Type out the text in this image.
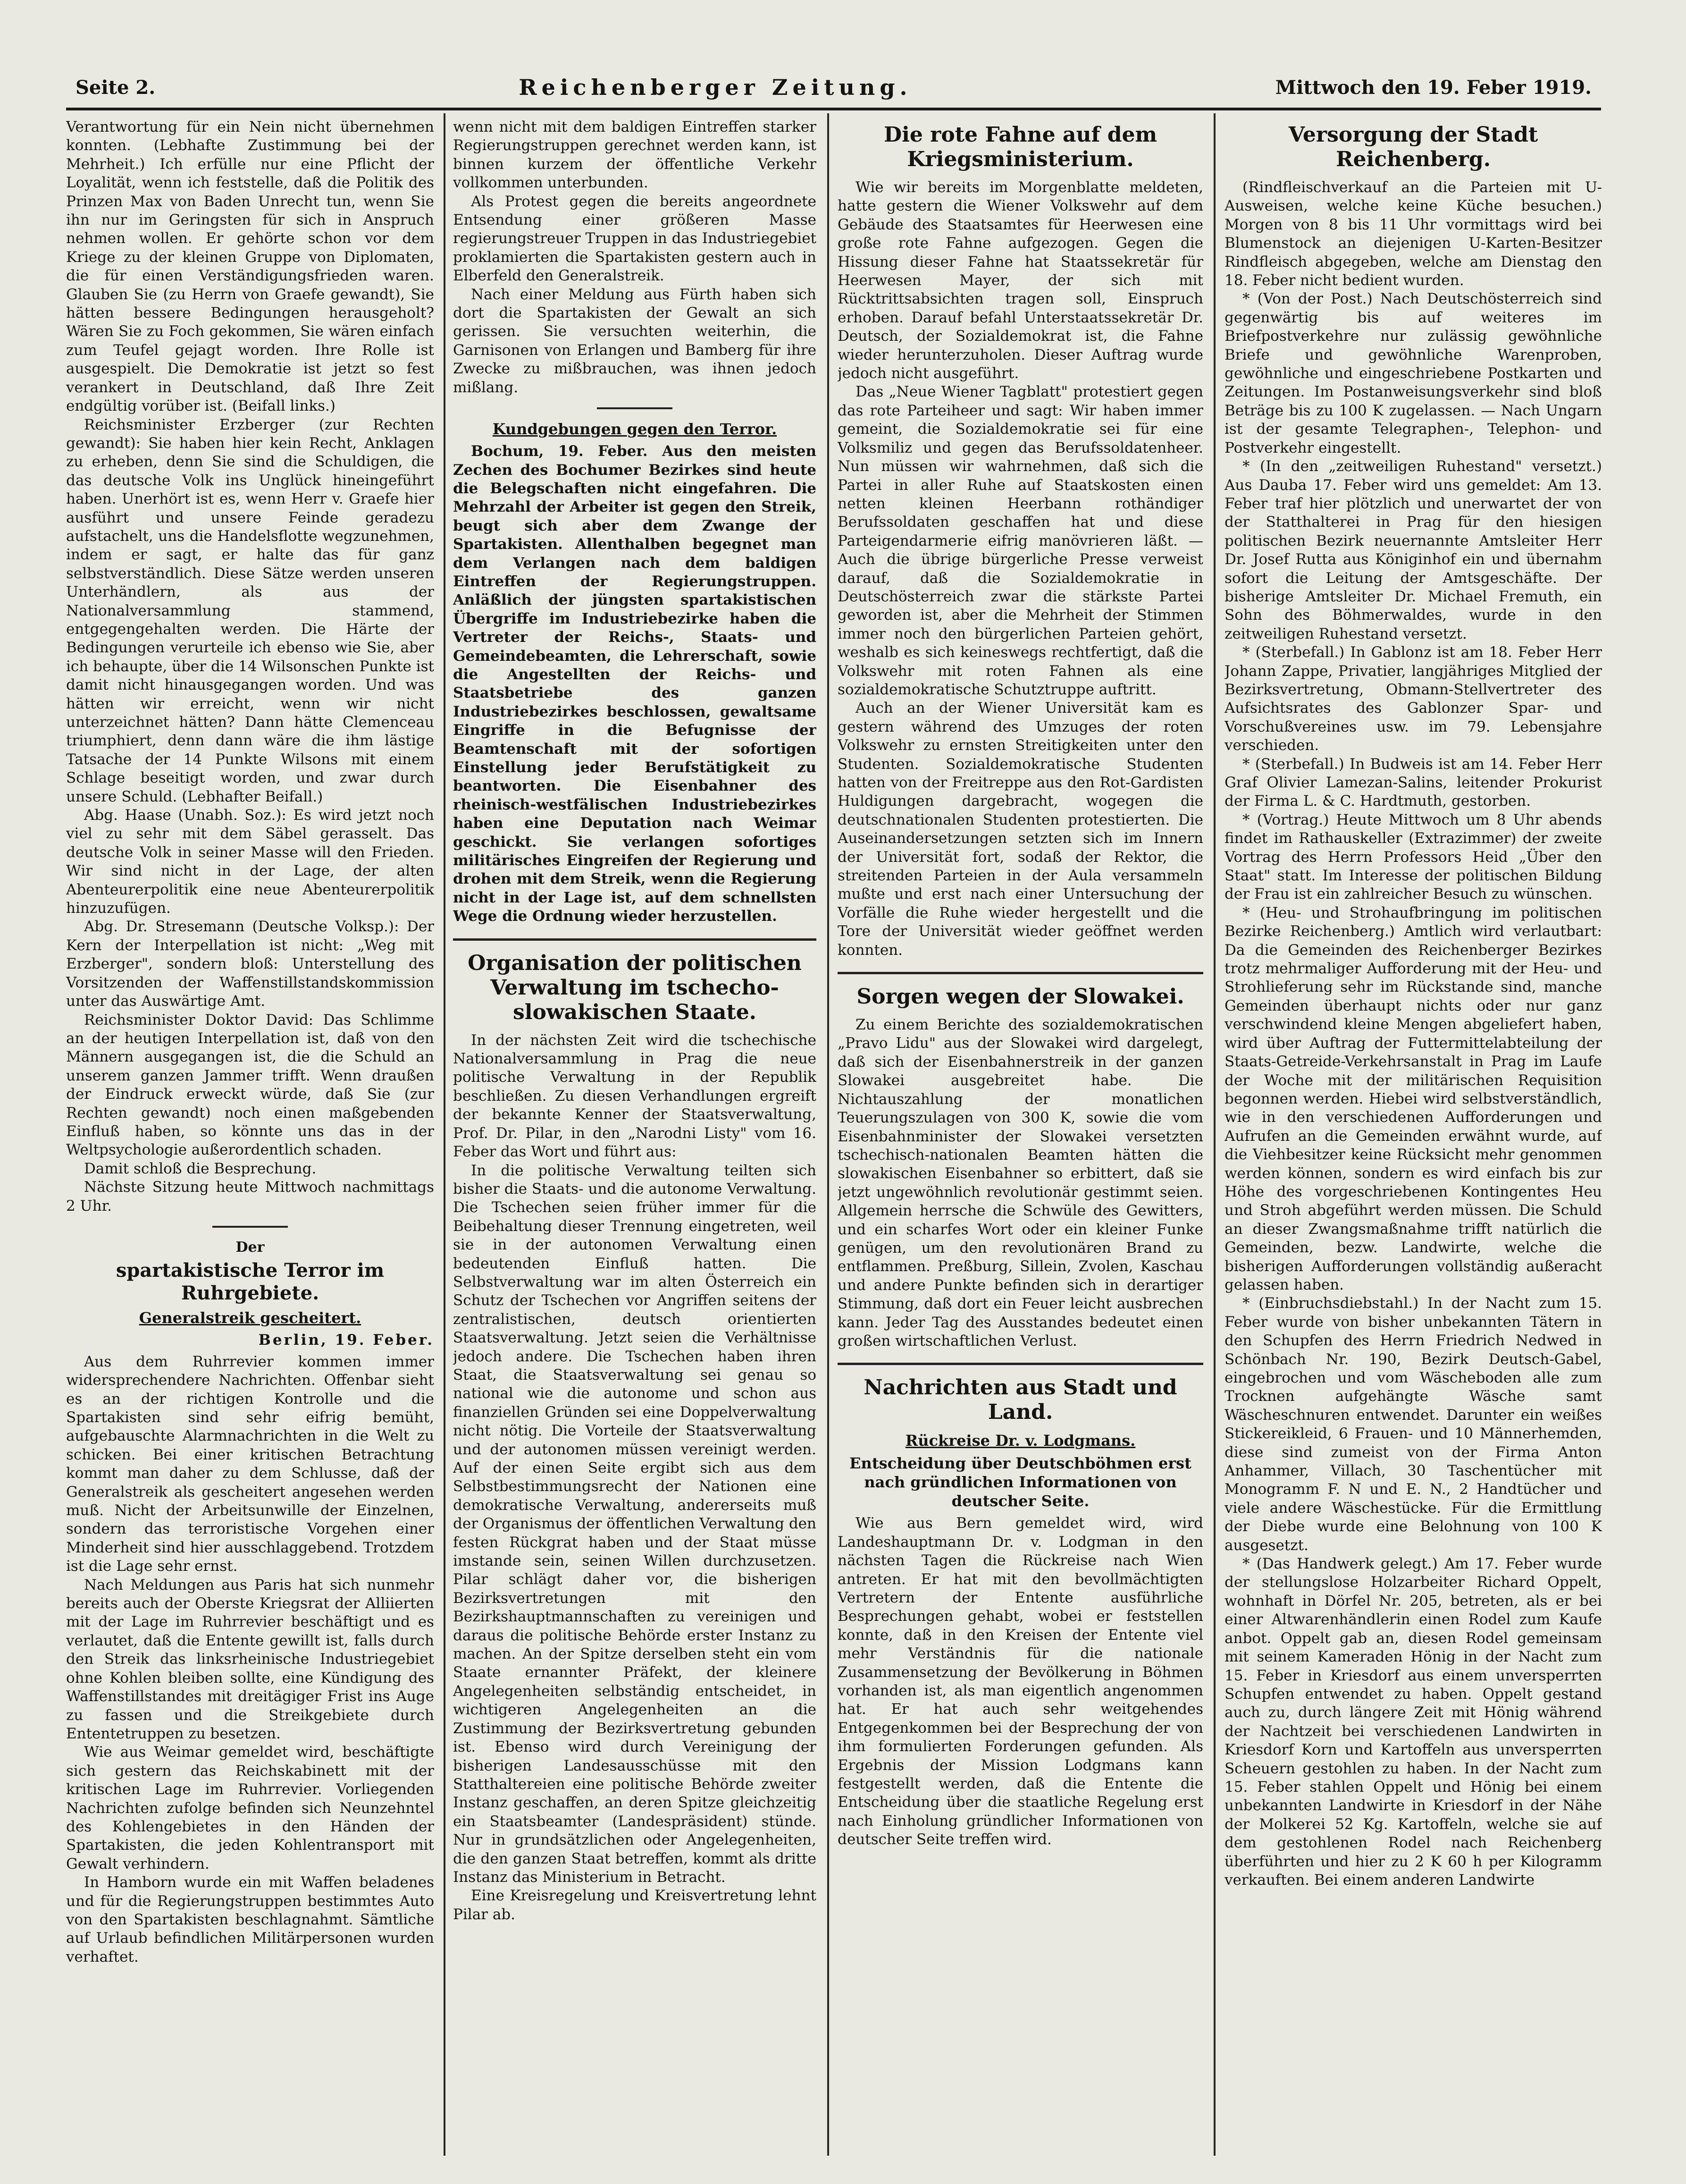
Seite 2.	Reichenberger Zeitung.	Mittwoch den 19. Feber 1919.

Verantwortung für ein Nein nicht übernehmen konnten. (Lebhafte Zustimmung bei der Mehrheit.) Ich erfülle nur eine Pflicht der Loyalität, wenn ich feststelle, daß die Politik des Prinzen Max von Baden Unrecht tun, wenn Sie ihn nur im Geringsten für sich in Anspruch nehmen wollen. Er gehörte schon vor dem Kriege zu der kleinen Gruppe von Diplomaten, die für einen Verständigungsfrieden waren. Glauben Sie (zu Herrn von Graefe gewandt), Sie hätten bessere Bedingungen herausgeholt? Wären Sie zu Foch gekommen, Sie wären einfach zum Teufel gejagt worden. Ihre Rolle ist ausgespielt. Die Demokratie ist jetzt so fest verankert in Deutschland, daß Ihre Zeit endgültig vorüber ist. (Beifall links.)

Reichsminister Erzberger (zur Rechten gewandt): Sie haben hier kein Recht, Anklagen zu erheben, denn Sie sind die Schuldigen, die das deutsche Volk ins Unglück hineingeführt haben. Unerhört ist es, wenn Herr v. Graefe hier ausführt und unsere Feinde geradezu aufstachelt, uns die Handelsflotte wegzunehmen, indem er sagt, er halte das für ganz selbstverständlich. Diese Sätze werden unseren Unterhändlern, als aus der Nationalversammlung stammend, entgegengehalten werden. Die Härte der Bedingungen verurteile ich ebenso wie Sie, aber ich behaupte, über die 14 Wilsonschen Punkte ist damit nicht hinausgegangen worden. Und was hätten wir erreicht, wenn wir nicht unterzeichnet hätten? Dann hätte Clemenceau triumphiert, denn dann wäre die ihm lästige Tatsache der 14 Punkte Wilsons mit einem Schlage beseitigt worden, und zwar durch unsere Schuld. (Lebhafter Beifall.)

Abg. Haase (Unabh. Soz.): Es wird jetzt noch viel zu sehr mit dem Säbel gerasselt. Das deutsche Volk in seiner Masse will den Frieden. Wir sind nicht in der Lage, der alten Abenteurerpolitik eine neue Abenteurerpolitik hinzuzufügen.

Abg. Dr. Stresemann (Deutsche Volksp.): Der Kern der Interpellation ist nicht: „Weg mit Erzberger", sondern bloß: Unterstellung des Vorsitzenden der Waffenstillstandskommission unter das Auswärtige Amt.

Reichsminister Doktor David: Das Schlimme an der heutigen Interpellation ist, daß von den Männern ausgegangen ist, die die Schuld an unserem ganzen Jammer trifft. Wenn draußen der Eindruck erweckt würde, daß Sie (zur Rechten gewandt) noch einen maßgebenden Einfluß haben, so könnte uns das in der Weltpsychologie außerordentlich schaden.

Damit schloß die Besprechung.

Nächste Sitzung heute Mittwoch nachmittags 2 Uhr.

Der
spartakistische Terror im Ruhrgebiete.
Generalstreik gescheitert.
Berlin, 19. Feber.

Aus dem Ruhrrevier kommen immer widersprechendere Nachrichten. Offenbar sieht es an der richtigen Kontrolle und die Spartakisten sind sehr eifrig bemüht, aufgebauschte Alarmnachrichten in die Welt zu schicken. Bei einer kritischen Betrachtung kommt man daher zu dem Schlusse, daß der Generalstreik als gescheitert angesehen werden muß. Nicht der Arbeitsunwille der Einzelnen, sondern das terroristische Vorgehen einer Minderheit sind hier ausschlaggebend. Trotzdem ist die Lage sehr ernst.

Nach Meldungen aus Paris hat sich nunmehr bereits auch der Oberste Kriegsrat der Alliierten mit der Lage im Ruhrrevier beschäftigt und es verlautet, daß die Entente gewillt ist, falls durch den Streik das linksrheinische Industriegebiet ohne Kohlen bleiben sollte, eine Kündigung des Waffenstillstandes mit dreitägiger Frist ins Auge zu fassen und die Streikgebiete durch Ententetruppen zu besetzen.

Wie aus Weimar gemeldet wird, beschäftigte sich gestern das Reichskabinett mit der kritischen Lage im Ruhrrevier. Vorliegenden Nachrichten zufolge befinden sich Neunzehntel des Kohlengebietes in den Händen der Spartakisten, die jeden Kohlentransport mit Gewalt verhindern.

In Hamborn wurde ein mit Waffen beladenes und für die Regierungstruppen bestimmtes Auto von den Spartakisten beschlagnahmt. Sämtliche auf Urlaub befindlichen Militärpersonen wurden verhaftet.

wenn nicht mit dem baldigen Eintreffen starker Regierungstruppen gerechnet werden kann, ist binnen kurzem der öffentliche Verkehr vollkommen unterbunden.

Als Protest gegen die bereits angeordnete Entsendung einer größeren Masse regierungstreuer Truppen in das Industriegebiet proklamierten die Spartakisten gestern auch in Elberfeld den Generalstreik.

Nach einer Meldung aus Fürth haben sich dort die Spartakisten der Gewalt an sich gerissen. Sie versuchten weiterhin, die Garnisonen von Erlangen und Bamberg für ihre Zwecke zu mißbrauchen, was ihnen jedoch mißlang.

Kundgebungen gegen den Terror.

Bochum, 19. Feber. Aus den meisten Zechen des Bochumer Bezirkes sind heute die Belegschaften nicht eingefahren. Die Mehrzahl der Arbeiter ist gegen den Streik, beugt sich aber dem Zwange der Spartakisten. Allenthalben begegnet man dem Verlangen nach dem baldigen Eintreffen der Regierungstruppen. Anläßlich der jüngsten spartakistischen Übergriffe im Industriebezirke haben die Vertreter der Reichs-, Staats- und Gemeindebeamten, die Lehrerschaft, sowie die Angestellten der Reichs- und Staatsbetriebe des ganzen Industriebezirkes beschlossen, gewaltsame Eingriffe in die Befugnisse der Beamtenschaft mit der sofortigen Einstellung jeder Berufstätigkeit zu beantworten. Die Eisenbahner des rheinisch-westfälischen Industriebezirkes haben eine Deputation nach Weimar geschickt. Sie verlangen sofortiges militärisches Eingreifen der Regierung und drohen mit dem Streik, wenn die Regierung nicht in der Lage ist, auf dem schnellsten Wege die Ordnung wieder herzustellen.

Organisation der politischen Verwaltung im tschecho-slowakischen Staate.

In der nächsten Zeit wird die tschechische Nationalversammlung in Prag die neue politische Verwaltung in der Republik beschließen. Zu diesen Verhandlungen ergreift der bekannte Kenner der Staatsverwaltung, Prof. Dr. Pilar, in den „Narodni Listy" vom 16. Feber das Wort und führt aus:

In die politische Verwaltung teilten sich bisher die Staats- und die autonome Verwaltung. Die Tschechen seien früher immer für die Beibehaltung dieser Trennung eingetreten, weil sie in der autonomen Verwaltung einen bedeutenden Einfluß hatten. Die Selbstverwaltung war im alten Österreich ein Schutz der Tschechen vor Angriffen seitens der zentralistischen, deutsch orientierten Staatsverwaltung. Jetzt seien die Verhältnisse jedoch andere. Die Tschechen haben ihren Staat, die Staatsverwaltung sei genau so national wie die autonome und schon aus finanziellen Gründen sei eine Doppelverwaltung nicht nötig. Die Vorteile der Staatsverwaltung und der autonomen müssen vereinigt werden. Auf der einen Seite ergibt sich aus dem Selbstbestimmungsrecht der Nationen eine demokratische Verwaltung, andererseits muß der Organismus der öffentlichen Verwaltung den festen Rückgrat haben und der Staat müsse imstande sein, seinen Willen durchzusetzen. Pilar schlägt daher vor, die bisherigen Bezirksvertretungen mit den Bezirkshauptmannschaften zu vereinigen und daraus die politische Behörde erster Instanz zu machen. An der Spitze derselben steht ein vom Staate ernannter Präfekt, der kleinere Angelegenheiten selbständig entscheidet, in wichtigeren Angelegenheiten an die Zustimmung der Bezirksvertretung gebunden ist. Ebenso wird durch Vereinigung der bisherigen Landesausschüsse mit den Statthaltereien eine politische Behörde zweiter Instanz geschaffen, an deren Spitze gleichzeitig ein Staatsbeamter (Landespräsident) stünde. Nur in grundsätzlichen oder Angelegenheiten, die den ganzen Staat betreffen, kommt als dritte Instanz das Ministerium in Betracht.

Eine Kreisregelung und Kreisvertretung lehnt Pilar ab.

Die rote Fahne auf dem Kriegsministerium.

Wie wir bereits im Morgenblatte meldeten, hatte gestern die Wiener Volkswehr auf dem Gebäude des Staatsamtes für Heerwesen eine große rote Fahne aufgezogen. Gegen die Hissung dieser Fahne hat Staatssekretär für Heerwesen Mayer, der sich mit Rücktrittsabsichten tragen soll, Einspruch erhoben. Darauf befahl Unterstaatssekretär Dr. Deutsch, der Sozialdemokrat ist, die Fahne wieder herunterzuholen. Dieser Auftrag wurde jedoch nicht ausgeführt.

Das „Neue Wiener Tagblatt" protestiert gegen das rote Parteiheer und sagt: Wir haben immer gemeint, die Sozialdemokratie sei für eine Volksmiliz und gegen das Berufssoldatenheer. Nun müssen wir wahrnehmen, daß sich die Partei in aller Ruhe auf Staatskosten einen netten kleinen Heerbann rothändiger Berufssoldaten geschaffen hat und diese Parteigendarmerie eifrig manövrieren läßt. — Auch die übrige bürgerliche Presse verweist darauf, daß die Sozialdemokratie in Deutschösterreich zwar die stärkste Partei geworden ist, aber die Mehrheit der Stimmen immer noch den bürgerlichen Parteien gehört, weshalb es sich keineswegs rechtfertigt, daß die Volkswehr mit roten Fahnen als eine sozialdemokratische Schutztruppe auftritt.

Auch an der Wiener Universität kam es gestern während des Umzuges der roten Volkswehr zu ernsten Streitigkeiten unter den Studenten. Sozialdemokratische Studenten hatten von der Freitreppe aus den Rot-Gardisten Huldigungen dargebracht, wogegen die deutschnationalen Studenten protestierten. Die Auseinandersetzungen setzten sich im Innern der Universität fort, sodaß der Rektor, die streitenden Parteien in der Aula versammeln mußte und erst nach einer Untersuchung der Vorfälle die Ruhe wieder hergestellt und die Tore der Universität wieder geöffnet werden konnten.

Sorgen wegen der Slowakei.

Zu einem Berichte des sozialdemokratischen „Pravo Lidu" aus der Slowakei wird dargelegt, daß sich der Eisenbahnerstreik in der ganzen Slowakei ausgebreitet habe. Die Nichtauszahlung der monatlichen Teuerungszulagen von 300 K, sowie die vom Eisenbahnminister der Slowakei versetzten tschechisch-nationalen Beamten hätten die slowakischen Eisenbahner so erbittert, daß sie jetzt ungewöhnlich revolutionär gestimmt seien. Allgemein herrsche die Schwüle des Gewitters, und ein scharfes Wort oder ein kleiner Funke genügen, um den revolutionären Brand zu entflammen. Preßburg, Sillein, Zvolen, Kaschau und andere Punkte befinden sich in derartiger Stimmung, daß dort ein Feuer leicht ausbrechen kann. Jeder Tag des Ausstandes bedeutet einen großen wirtschaftlichen Verlust.

Nachrichten aus Stadt und Land.
Rückreise Dr. v. Lodgmans.
Entscheidung über Deutschböhmen erst nach gründlichen Informationen von deutscher Seite.

Wie aus Bern gemeldet wird, wird Landeshauptmann Dr. v. Lodgman in den nächsten Tagen die Rückreise nach Wien antreten. Er hat mit den bevollmächtigten Vertretern der Entente ausführliche Besprechungen gehabt, wobei er feststellen konnte, daß in den Kreisen der Entente viel mehr Verständnis für die nationale Zusammensetzung der Bevölkerung in Böhmen vorhanden ist, als man eigentlich angenommen hat. Er hat auch sehr weitgehendes Entgegenkommen bei der Besprechung der von ihm formulierten Forderungen gefunden. Als Ergebnis der Mission Lodgmans kann festgestellt werden, daß die Entente die Entscheidung über die staatliche Regelung erst nach Einholung gründlicher Informationen von deutscher Seite treffen wird.

Versorgung der Stadt Reichenberg.

(Rindfleischverkauf an die Parteien mit U-Ausweisen, welche keine Küche besuchen.) Morgen von 8 bis 11 Uhr vormittags wird bei Blumenstock an diejenigen U-Karten-Besitzer Rindfleisch abgegeben, welche am Dienstag den 18. Feber nicht bedient wurden.

* (Von der Post.) Nach Deutschösterreich sind gegenwärtig bis auf weiteres im Briefpostverkehre nur zulässig gewöhnliche Briefe und gewöhnliche Warenproben, gewöhnliche und eingeschriebene Postkarten und Zeitungen. Im Postanweisungsverkehr sind bloß Beträge bis zu 100 K zugelassen. — Nach Ungarn ist der gesamte Telegraphen-, Telephon- und Postverkehr eingestellt.

* (In den „zeitweiligen Ruhestand" versetzt.) Aus Dauba 17. Feber wird uns gemeldet: Am 13. Feber traf hier plötzlich und unerwartet der von der Statthalterei in Prag für den hiesigen politischen Bezirk neuernannte Amtsleiter Herr Dr. Josef Rutta aus Königinhof ein und übernahm sofort die Leitung der Amtsgeschäfte. Der bisherige Amtsleiter Dr. Michael Fremuth, ein Sohn des Böhmerwaldes, wurde in den zeitweiligen Ruhestand versetzt.

* (Sterbefall.) In Gablonz ist am 18. Feber Herr Johann Zappe, Privatier, langjähriges Mitglied der Bezirksvertretung, Obmann-Stellvertreter des Aufsichtsrates des Gablonzer Spar- und Vorschußvereines usw. im 79. Lebensjahre verschieden.

* (Sterbefall.) In Budweis ist am 14. Feber Herr Graf Olivier Lamezan-Salins, leitender Prokurist der Firma L. & C. Hardtmuth, gestorben.

* (Vortrag.) Heute Mittwoch um 8 Uhr abends findet im Rathauskeller (Extrazimmer) der zweite Vortrag des Herrn Professors Heid „Über den Staat" statt. Im Interesse der politischen Bildung der Frau ist ein zahlreicher Besuch zu wünschen.

* (Heu- und Strohaufbringung im politischen Bezirke Reichenberg.) Amtlich wird verlautbart: Da die Gemeinden des Reichenberger Bezirkes trotz mehrmaliger Aufforderung mit der Heu- und Strohlieferung sehr im Rückstande sind, manche Gemeinden überhaupt nichts oder nur ganz verschwindend kleine Mengen abgeliefert haben, wird über Auftrag der Futtermittelabteilung der Staats-Getreide-Verkehrsanstalt in Prag im Laufe der Woche mit der militärischen Requisition begonnen werden. Hiebei wird selbstverständlich, wie in den verschiedenen Aufforderungen und Aufrufen an die Gemeinden erwähnt wurde, auf die Viehbesitzer keine Rücksicht mehr genommen werden können, sondern es wird einfach bis zur Höhe des vorgeschriebenen Kontingentes Heu und Stroh abgeführt werden müssen. Die Schuld an dieser Zwangsmaßnahme trifft natürlich die Gemeinden, bezw. Landwirte, welche die bisherigen Aufforderungen vollständig außeracht gelassen haben.

* (Einbruchsdiebstahl.) In der Nacht zum 15. Feber wurde von bisher unbekannten Tätern in den Schupfen des Herrn Friedrich Nedwed in Schönbach Nr. 190, Bezirk Deutsch-Gabel, eingebrochen und vom Wäscheboden alle zum Trocknen aufgehängte Wäsche samt Wäscheschnuren entwendet. Darunter ein weißes Stickereikleid, 6 Frauen- und 10 Männerhemden, diese sind zumeist von der Firma Anton Anhammer, Villach, 30 Taschentücher mit Monogramm F. N und E. N., 2 Handtücher und viele andere Wäschestücke. Für die Ermittlung der Diebe wurde eine Belohnung von 100 K ausgesetzt.

* (Das Handwerk gelegt.) Am 17. Feber wurde der stellungslose Holzarbeiter Richard Oppelt, wohnhaft in Dörfel Nr. 205, betreten, als er bei einer Altwarenhändlerin einen Rodel zum Kaufe anbot. Oppelt gab an, diesen Rodel gemeinsam mit seinem Kameraden Hönig in der Nacht zum 15. Feber in Kriesdorf aus einem unversperrten Schupfen entwendet zu haben. Oppelt gestand auch zu, durch längere Zeit mit Hönig während der Nachtzeit bei verschiedenen Landwirten in Kriesdorf Korn und Kartoffeln aus unversperrten Scheuern gestohlen zu haben. In der Nacht zum 15. Feber stahlen Oppelt und Hönig bei einem unbekannten Landwirte in Kriesdorf in der Nähe der Molkerei 52 Kg. Kartoffeln, welche sie auf dem gestohlenen Rodel nach Reichenberg überführten und hier zu 2 K 60 h per Kilogramm verkauften. Bei einem anderen Landwirte
